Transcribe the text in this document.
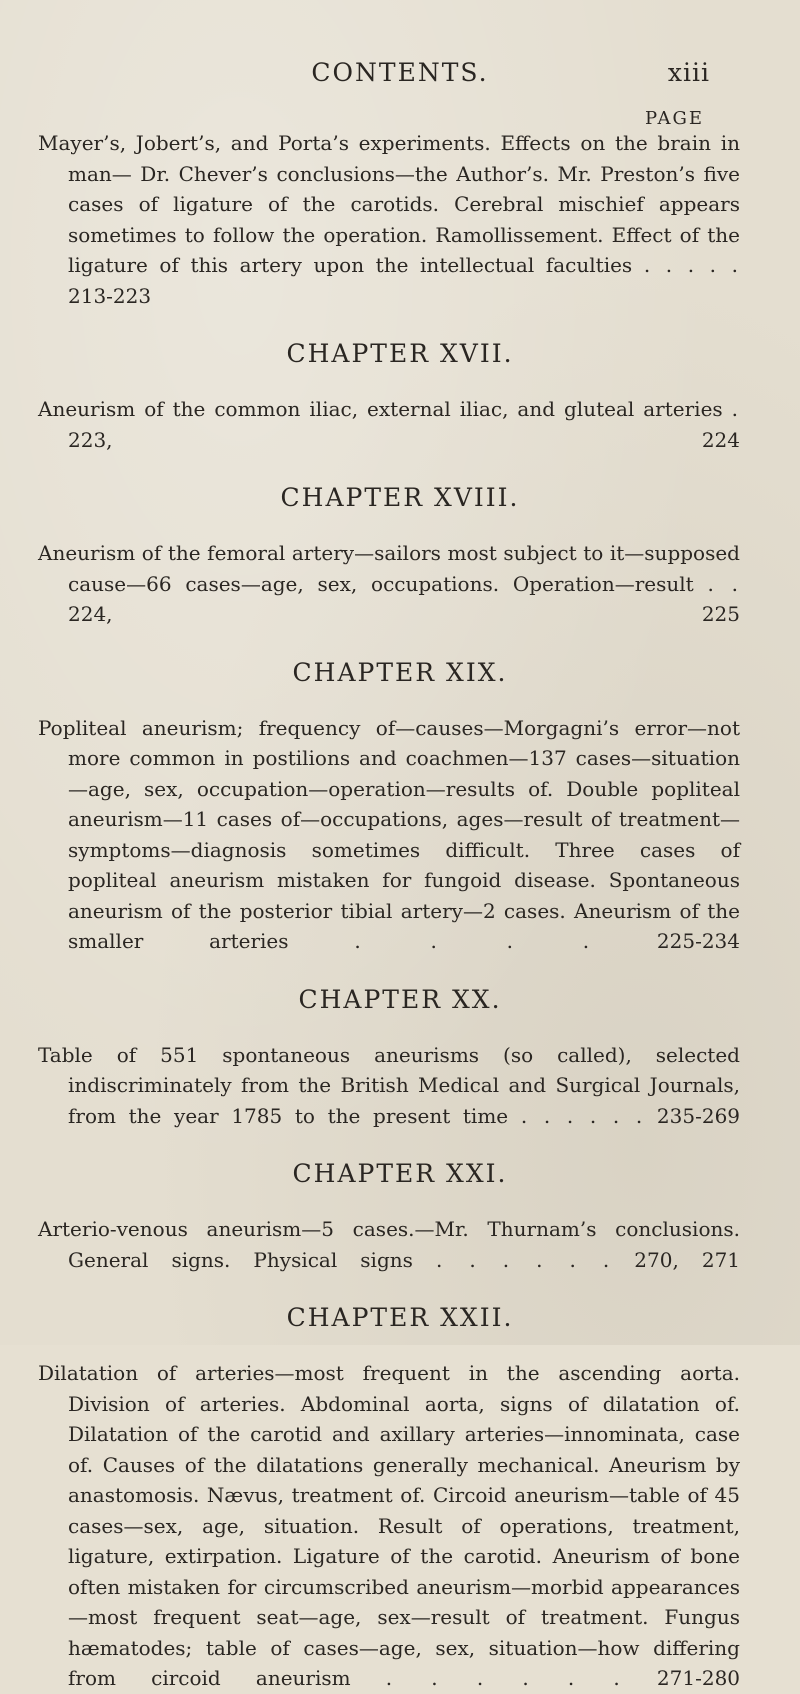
CONTENTS.	xiii
PAGE

Mayer’s, Jobert’s, and Porta’s experiments. Effects on the brain in man— Dr. Chever’s conclusions—the Author’s. Mr. Preston’s five cases of ligature of the carotids. Cerebral mischief appears sometimes to follow the operation. Ramollissement. Effect of the ligature of this artery upon the intellectual faculties . . . . . 213-223

CHAPTER XVII.

Aneurism of the common iliac, external iliac, and gluteal arteries . 223, 224

CHAPTER XVIII.

Aneurism of the femoral artery—sailors most subject to it—supposed cause—66 cases—age, sex, occupations. Operation—result . . 224, 225

CHAPTER XIX.

Popliteal aneurism; frequency of—causes—Morgagni’s error—not more common in postilions and coachmen—137 cases—situation—age, sex, occupation—operation—results of. Double popliteal aneurism—11 cases of—occupations, ages—result of treatment—symptoms—diagnosis sometimes difficult. Three cases of popliteal aneurism mistaken for fungoid disease. Spontaneous aneurism of the posterior tibial artery—2 cases. Aneurism of the smaller arteries	. . . .	225-234

CHAPTER XX.

Table of 551 spontaneous aneurisms (so called), selected indiscriminately from the British Medical and Surgical Journals, from the year 1785 to the present time . . . . . . 235-269

CHAPTER XXI.

Arterio-venous aneurism—5 cases.—Mr. Thurnam’s conclusions. General signs. Physical signs . . . . . . 270, 271

CHAPTER XXII.

Dilatation of arteries—most frequent in the ascending aorta. Division of arteries. Abdominal aorta, signs of dilatation of. Dilatation of the carotid and axillary arteries—innominata, case of. Causes of the dilatations generally mechanical. Aneurism by anastomosis. Nævus, treatment of. Circoid aneurism—table of 45 cases—sex, age, situation. Result of operations, treatment, ligature, extirpation. Ligature of the carotid. Aneurism of bone often mistaken for circumscribed aneurism—morbid appearances—most frequent seat—age, sex—result of treatment. Fungus hæmatodes; table of cases—age, sex, situation—how differing from circoid aneurism . . . . . . 271-280
